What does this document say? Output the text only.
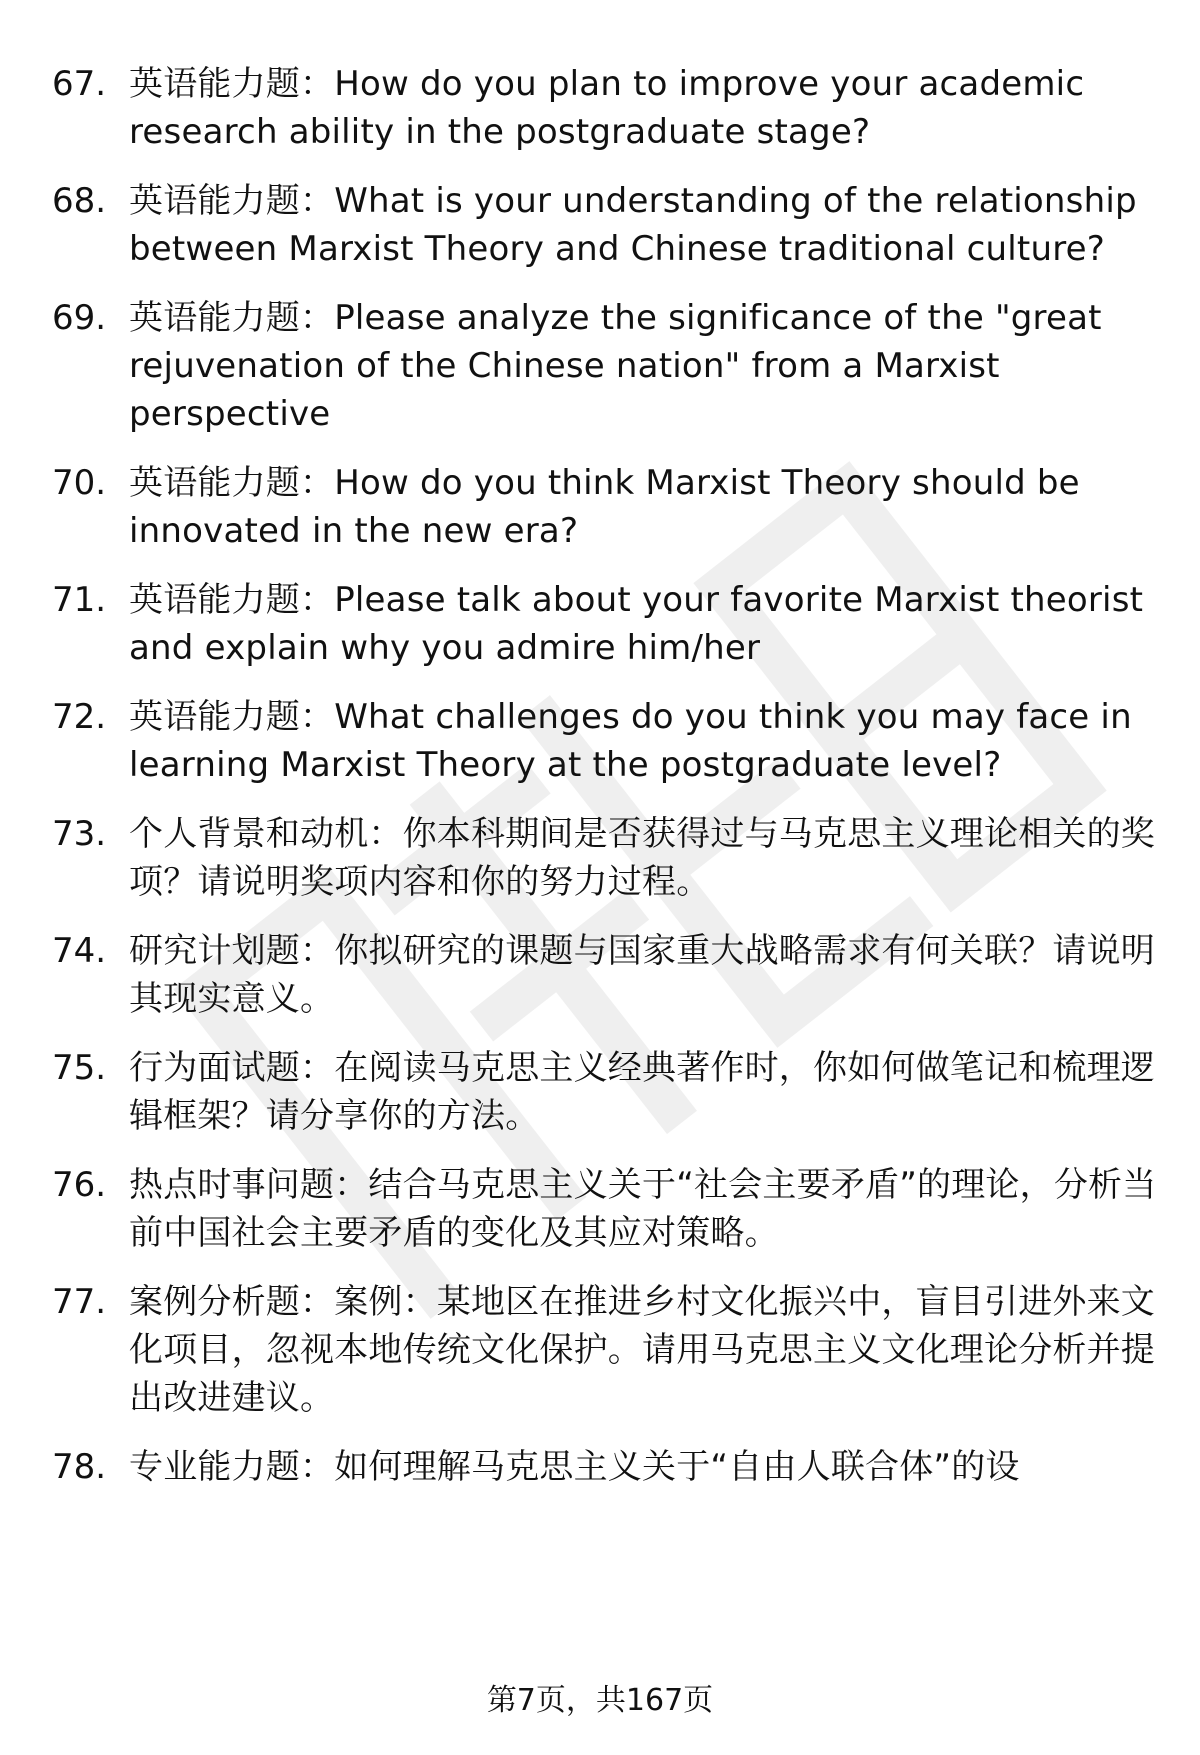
67. 英语能力题：How do you plan to improve your academic research ability in the postgraduate stage?
68. 英语能力题：What is your understanding of the relationship between Marxist Theory and Chinese traditional culture?
69. 英语能力题：Please analyze the significance of the "great rejuvenation of the Chinese nation" from a Marxist perspective
70. 英语能力题：How do you think Marxist Theory should be innovated in the new era?
71. 英语能力题：Please talk about your favorite Marxist theorist and explain why you admire him/her
72. 英语能力题：What challenges do you think you may face in learning Marxist Theory at the postgraduate level?
73. 个人背景和动机：你本科期间是否获得过与马克思主义理论相关的奖项？请说明奖项内容和你的努力过程。
74. 研究计划题：你拟研究的课题与国家重大战略需求有何关联？请说明其现实意义。
75. 行为面试题：在阅读马克思主义经典著作时，你如何做笔记和梳理逻辑框架？请分享你的方法。
76. 热点时事问题：结合马克思主义关于“社会主要矛盾”的理论，分析当前中国社会主要矛盾的变化及其应对策略。
77. 案例分析题：案例：某地区在推进乡村文化振兴中，盲目引进外来文化项目，忽视本地传统文化保护。请用马克思主义文化理论分析并提出改进建议。
78. 专业能力题：如何理解马克思主义关于“自由人联合体”的设
第7页，共167页
